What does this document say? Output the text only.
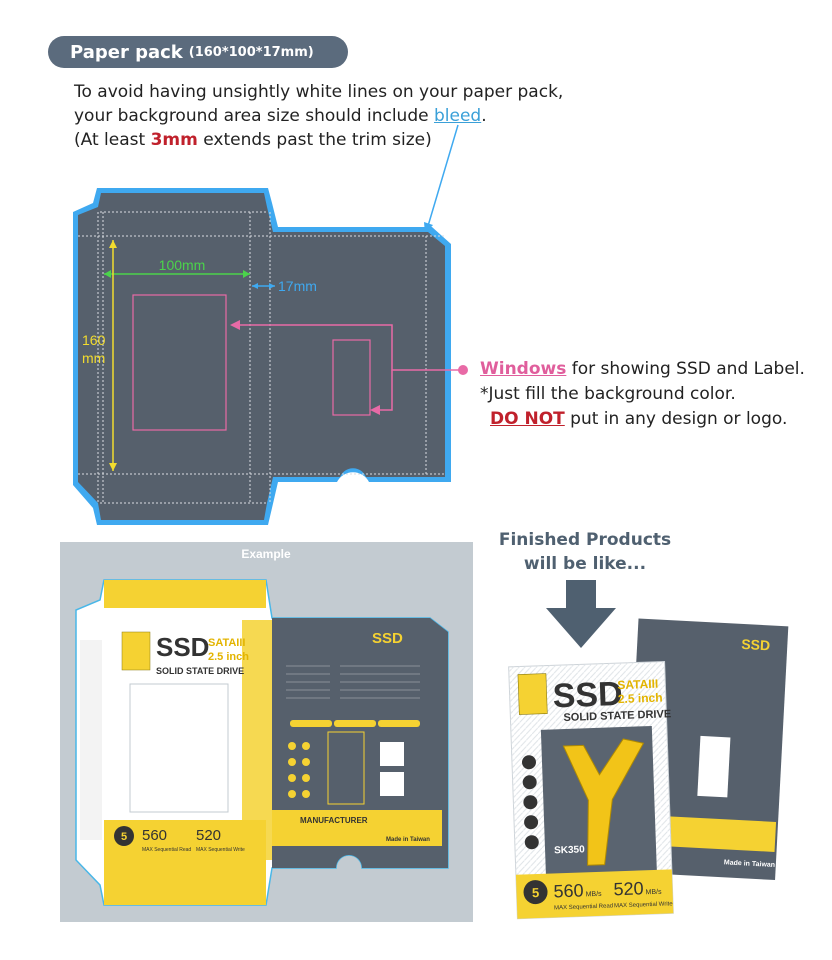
Paper pack (160*100*17mm)
To avoid having unsightly white lines on your paper pack,
your background area size should include bleed.
(At least 3mm extends past the trim size)
100mm
17mm
160
mm
Example
SSD
SATAIII
2.5 inch
SOLID STATE DRIVE
5 560 520
MAX Sequential Read MAX Sequential Write
SSD
MANUFACTURER
Made in Taiwan
SSD
Made in Taiwan
SSD
SATAIII
2.5 inch
SOLID STATE DRIVE
SK350
5 560 520
MB/s	MB/s
MAX Sequential Read MAX Sequential Write
Windows for showing SSD and Label.
*Just fill the background color.
DO NOT put in any design or logo.
Finished Products
will be like...
